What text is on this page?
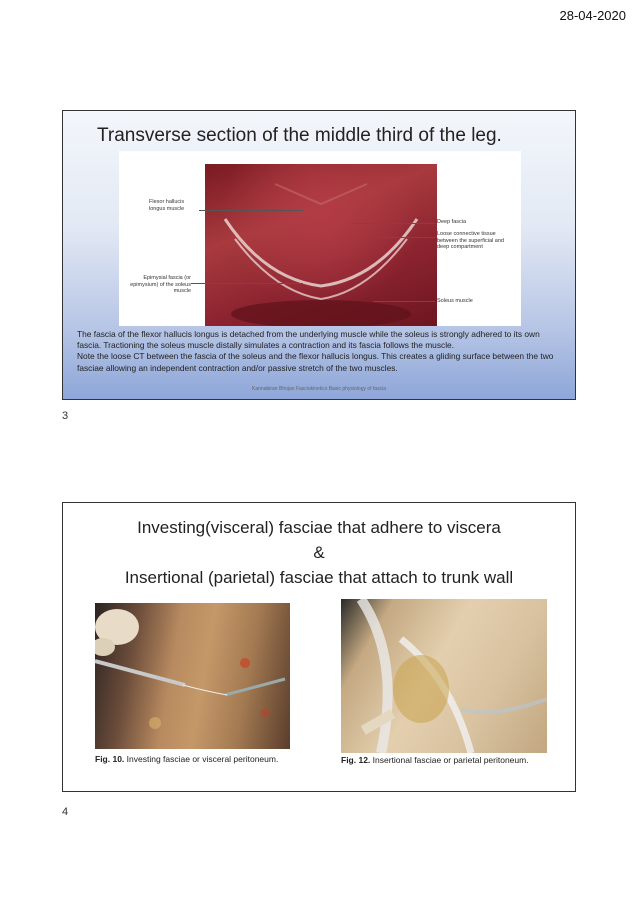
28-04-2020
Transverse section of the middle third of the leg.
Flexor hallucis longus muscle
Epimysial fascia (or epimysium) of the soleus muscle
Deep fascia
Loose connective tissue between the superficial and deep compartment
Soleus muscle

The fascia of the flexor hallucis longus is detached from the underlying muscle while the soleus is strongly adhered to its own fascia. Tractioning the soleus muscle distally simulates a contraction and its fascia follows the muscle.

Note the loose CT between the fascia of the soleus and the flexor hallucis longus. This creates a gliding surface between the two fasciae allowing an independent contraction and/or passive stretch of the two muscles.

Kannabiran Bhojan Fasciokinetics Basic physiology of fascia
3
Investing(visceral) fasciae that adhere to viscera
&
Insertional (parietal) fasciae that attach to trunk wall
Fig. 10. Investing fasciae or visceral peritoneum.	Fig. 12. Insertional fasciae or parietal peritoneum.
4
